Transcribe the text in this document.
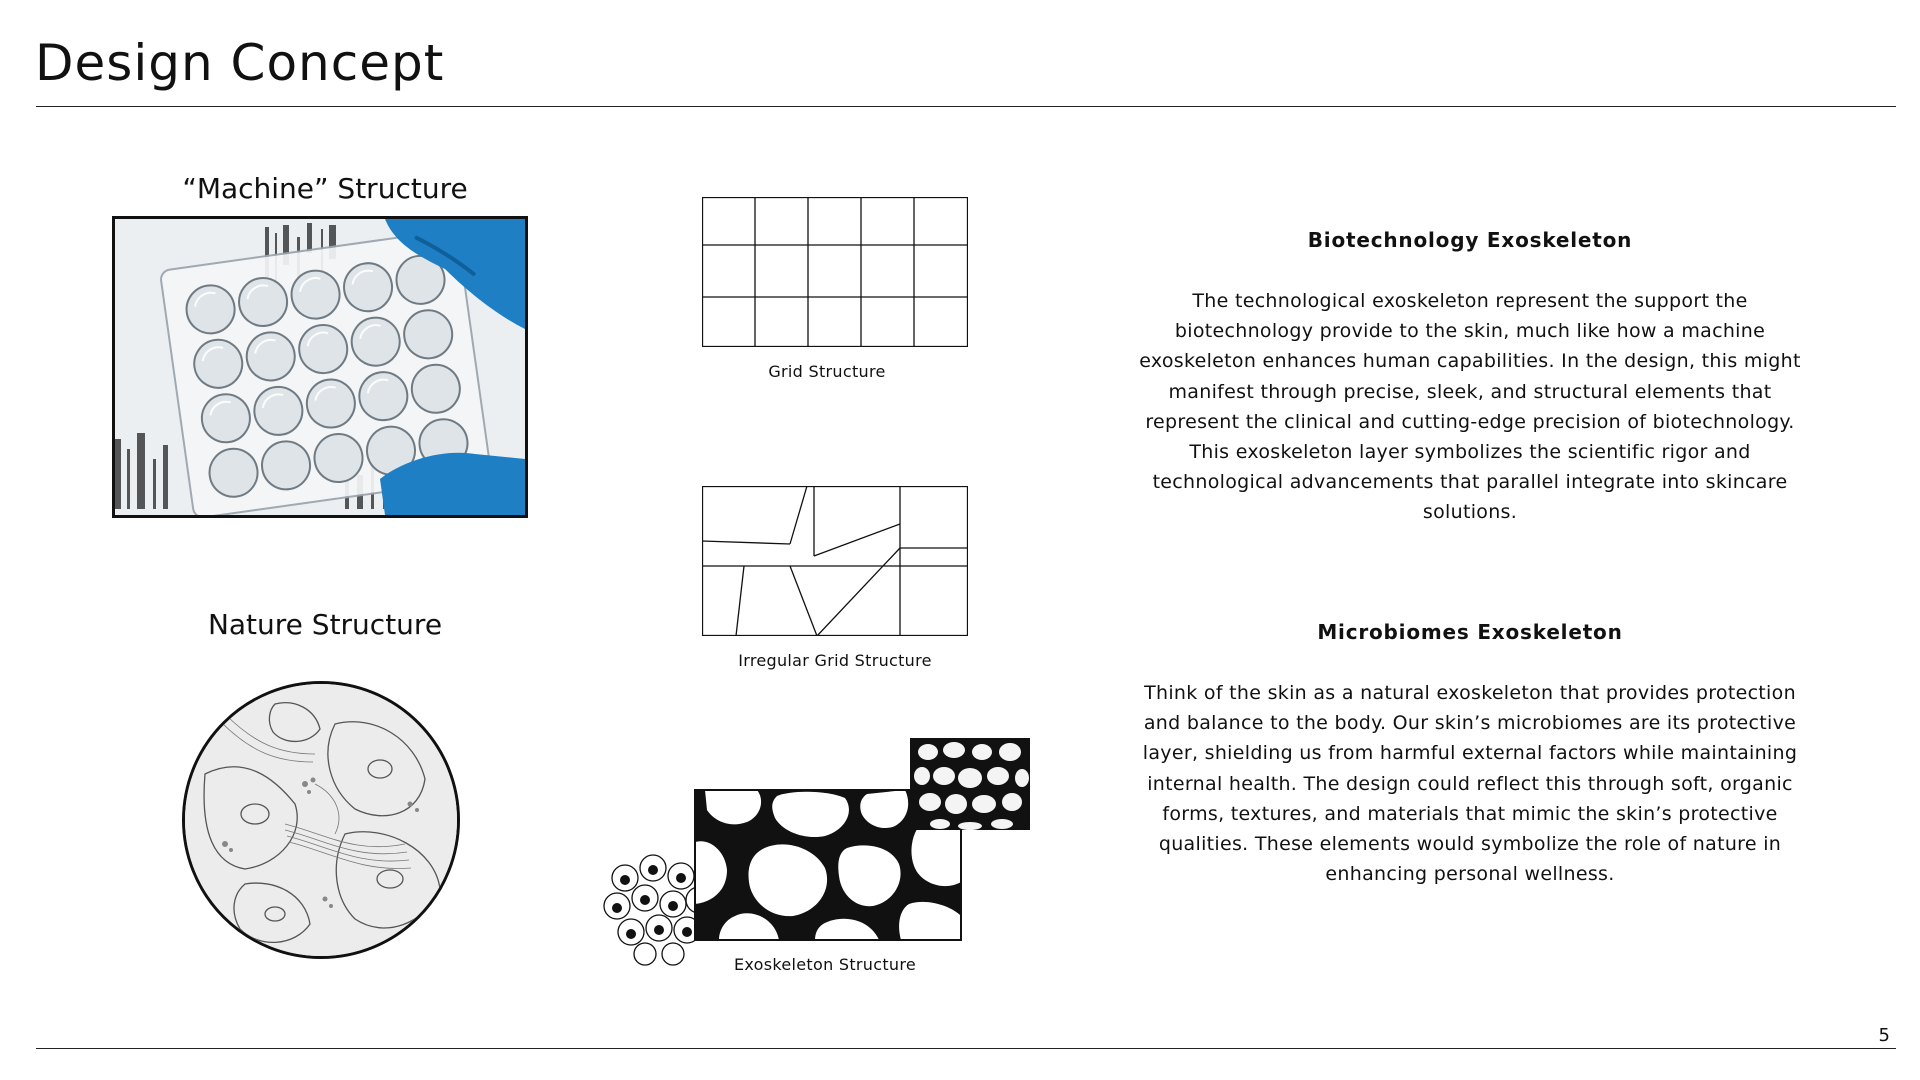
Design Concept
“Machine” Structure
Nature Structure
Grid Structure
Irregular Grid Structure
Exoskeleton Structure
Biotechnology Exoskeleton
The technological exoskeleton represent the support the biotechnology provide to the skin, much like how a machine exoskeleton enhances human capabilities. In the design, this might manifest through precise, sleek, and structural elements that represent the clinical and cutting-edge precision of biotechnology. This exoskeleton layer symbolizes the scientific rigor and technological advancements that parallel integrate into skincare solutions.
Microbiomes Exoskeleton
Think of the skin as a natural exoskeleton that provides protection and balance to the body. Our skin’s microbiomes are its protective layer, shielding us from harmful external factors while maintaining internal health. The design could reflect this through soft, organic forms, textures, and materials that mimic the skin’s protective qualities. These elements would symbolize the role of nature in enhancing personal wellness.
5
